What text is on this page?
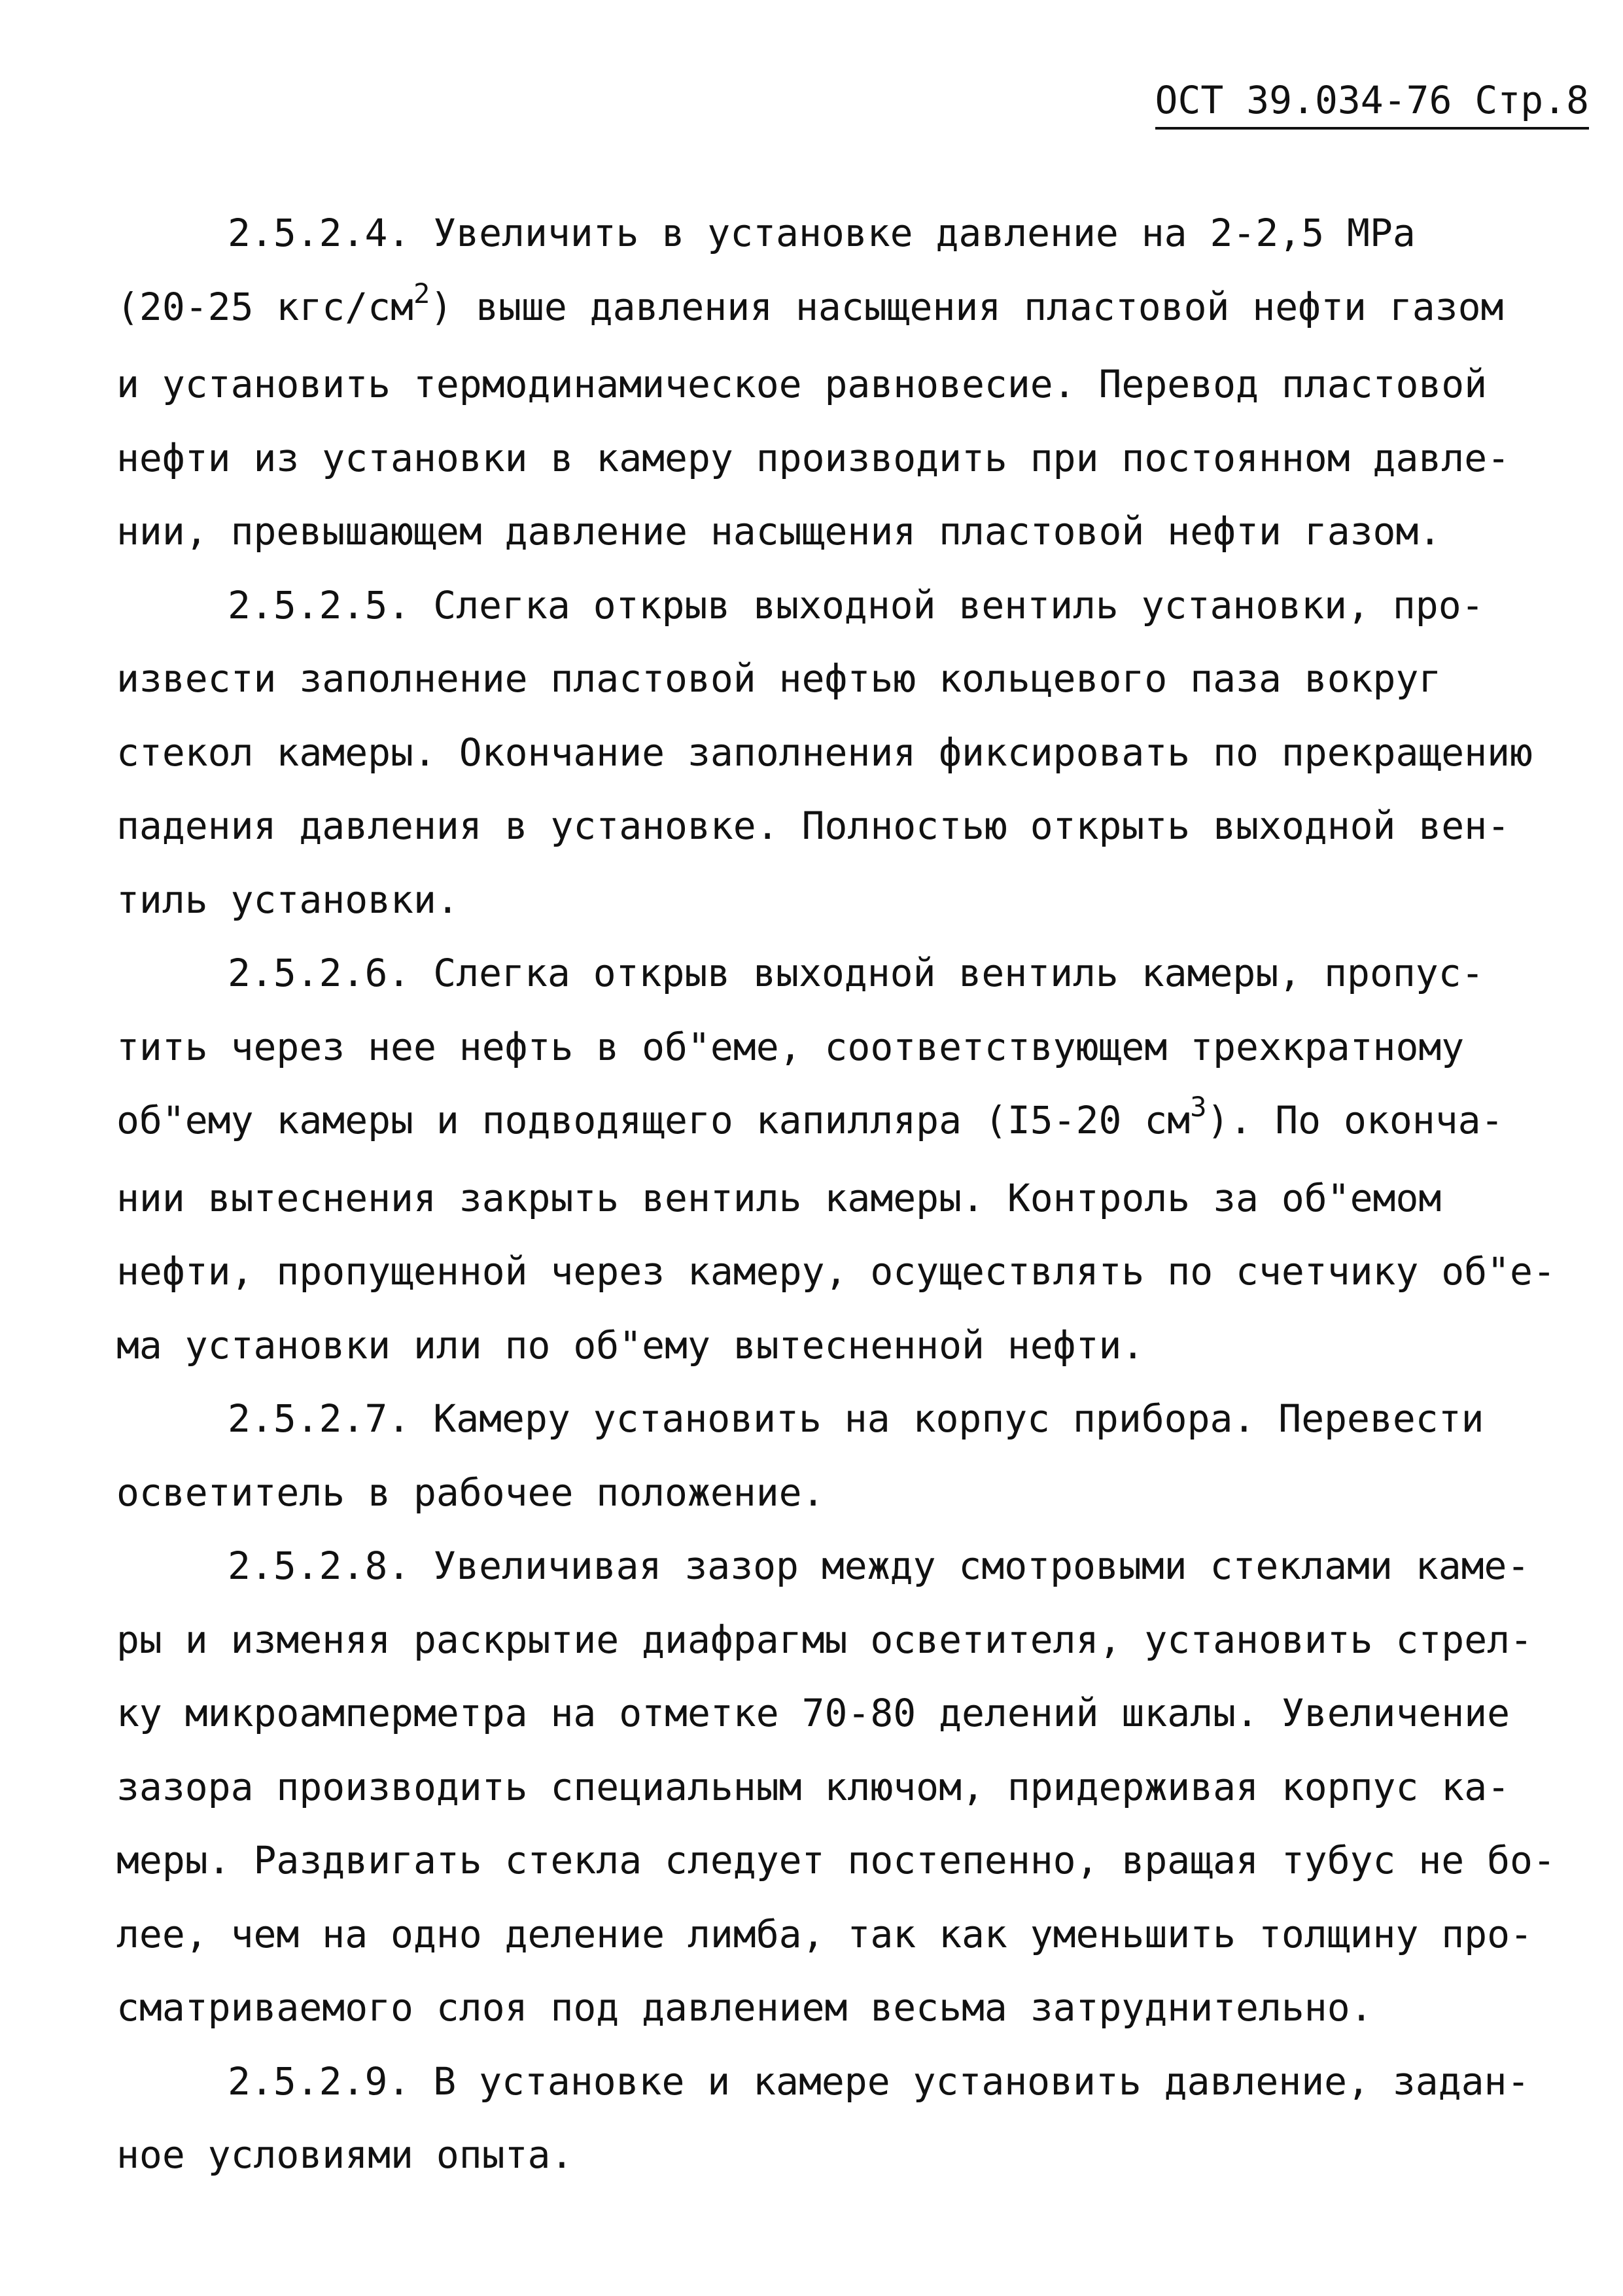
ОСТ 39.034-76 Стр.8

2.5.2.4. Увеличить в установке давление на 2-2,5 МРа
(20-25 кгс/$см^2$) выше давления насыщения пластовой нефти газом
и установить термодинамическое равновесие. Перевод пластовой
нефти из установки в камеру производить при постоянном давле-
нии, превышающем давление насыщения пластовой нефти газом.

2.5.2.5. Слегка открыв выходной вентиль установки, про-
извести заполнение пластовой нефтью кольцевого паза вокруг
стекол камеры. Окончание заполнения фиксировать по прекращению
падения давления в установке. Полностью открыть выходной вен-
тиль установки.

2.5.2.6. Слегка открыв выходной вентиль камеры, пропус-
тить через нее нефть в об"еме, соответствующем трехкратному
об"ему камеры и подводящего капилляра (I5-20 $см^3$). По оконча-
нии вытеснения закрыть вентиль камеры. Контроль за об"емом
нефти, пропущенной через камеру, осуществлять по счетчику об"е-
ма установки или по об"ему вытесненной нефти.

2.5.2.7. Камеру установить на корпус прибора. Перевести
осветитель в рабочее положение.

2.5.2.8. Увеличивая зазор между смотровыми стеклами каме-
ры и изменяя раскрытие диафрагмы осветителя, установить стрел-
ку микроамперметра на отметке 70-80 делений шкалы. Увеличение
зазора производить специальным ключом, придерживая корпус ка-
меры. Раздвигать стекла следует постепенно, вращая тубус не бо-
лее, чем на одно деление лимба, так как уменьшить толщину про-
сматриваемого слоя под давлением весьма затруднительно.

2.5.2.9. В установке и камере установить давление, задан-
ное условиями опыта.
